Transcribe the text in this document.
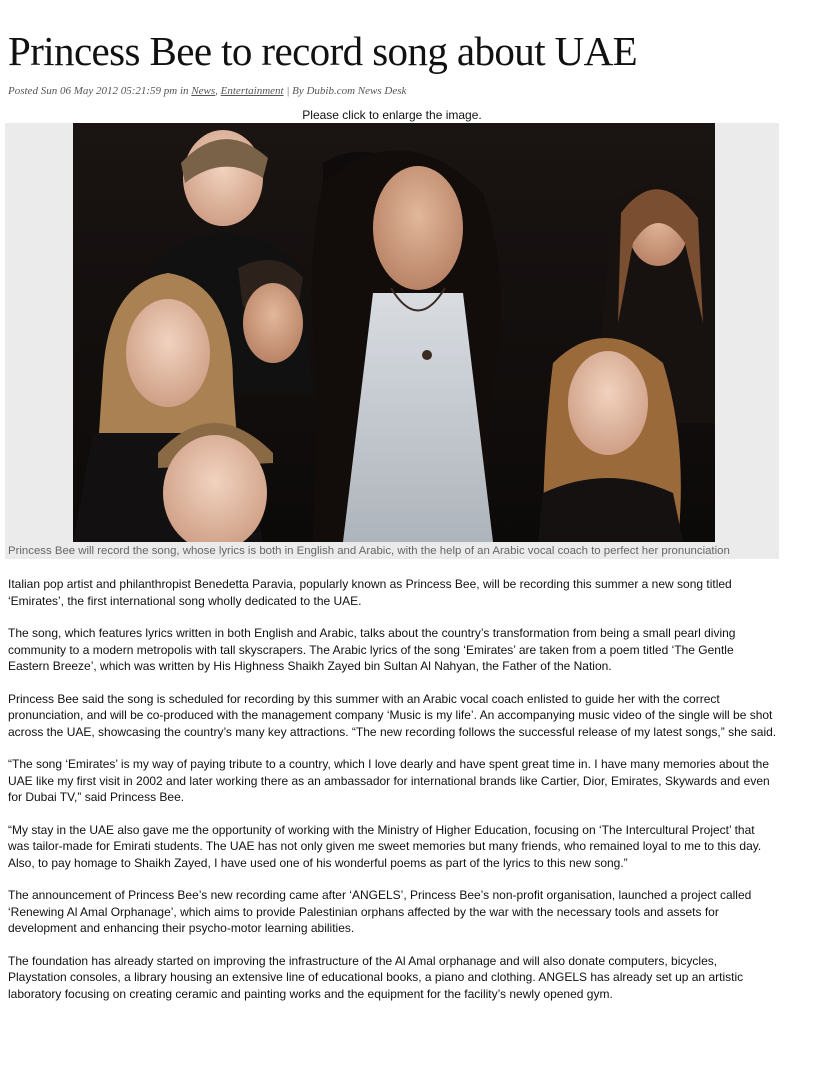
Princess Bee to record song about UAE
Posted Sun 06 May 2012 05:21:59 pm in News, Entertainment | By Dubib.com News Desk
Please click to enlarge the image.
Princess Bee will record the song, whose lyrics is both in English and Arabic, with the help of an Arabic vocal coach to perfect her pronunciation

Italian pop artist and philanthropist Benedetta Paravia, popularly known as Princess Bee, will be recording this summer a new song titled ‘Emirates’, the first international song wholly dedicated to the UAE.

The song, which features lyrics written in both English and Arabic, talks about the country’s transformation from being a small pearl diving community to a modern metropolis with tall skyscrapers. The Arabic lyrics of the song ‘Emirates’ are taken from a poem titled ‘The Gentle Eastern Breeze’, which was written by His Highness Shaikh Zayed bin Sultan Al Nahyan, the Father of the Nation.

Princess Bee said the song is scheduled for recording by this summer with an Arabic vocal coach enlisted to guide her with the correct pronunciation, and will be co-produced with the management company ‘Music is my life’. An accompanying music video of the single will be shot across the UAE, showcasing the country’s many key attractions. “The new recording follows the successful release of my latest songs,” she said.

“The song ‘Emirates’ is my way of paying tribute to a country, which I love dearly and have spent great time in. I have many memories about the UAE like my first visit in 2002 and later working there as an ambassador for international brands like Cartier, Dior, Emirates, Skywards and even for Dubai TV,” said Princess Bee.

“My stay in the UAE also gave me the opportunity of working with the Ministry of Higher Education, focusing on ‘The Intercultural Project’ that was tailor-made for Emirati students. The UAE has not only given me sweet memories but many friends, who remained loyal to me to this day. Also, to pay homage to Shaikh Zayed, I have used one of his wonderful poems as part of the lyrics to this new song.”

The announcement of Princess Bee’s new recording came after ‘ANGELS’, Princess Bee’s non-profit organisation, launched a project called ‘Renewing Al Amal Orphanage’, which aims to provide Palestinian orphans affected by the war with the necessary tools and assets for development and enhancing their psycho-motor learning abilities.

The foundation has already started on improving the infrastructure of the Al Amal orphanage and will also donate computers, bicycles, Playstation consoles, a library housing an extensive line of educational books, a piano and clothing. ANGELS has already set up an artistic laboratory focusing on creating ceramic and painting works and the equipment for the facility’s newly opened gym.
